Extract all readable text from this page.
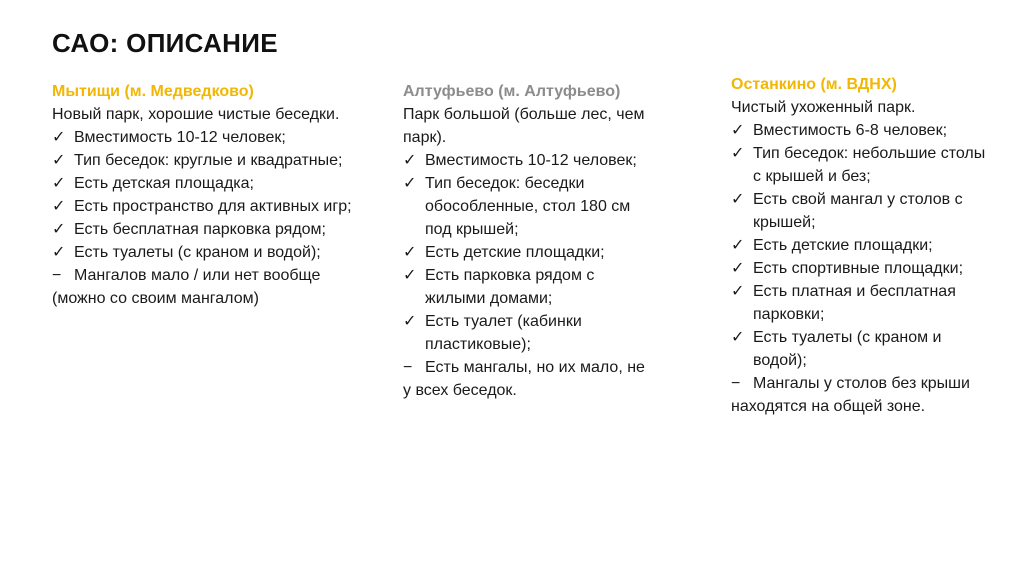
САО: ОПИСАНИЕ
Мытищи (м. Медведково)

Новый парк, хорошие чистые беседки.

✓ Вместимость 10-12 человек;
✓ Тип беседок: круглые и квадратные;
✓ Есть детская площадка;
✓ Есть пространство для активных игр;
✓ Есть бесплатная парковка рядом;
✓ Есть туалеты (с краном и водой);

− Мангалов мало / или нет вообще (можно со своим мангалом)

Алтуфьево (м. Алтуфьево)

Парк большой (больше лес, чем парк).

✓ Вместимость 10-12 человек;
✓ Тип беседок: беседки обособленные, стол 180 см под крышей;
✓ Есть детские площадки;
✓ Есть парковка рядом с жилыми домами;
✓ Есть туалет (кабинки пластиковые);

− Есть мангалы, но их мало, не у всех беседок.

Останкино (м. ВДНХ)

Чистый ухоженный парк.

✓ Вместимость 6-8 человек;
✓ Тип беседок: небольшие столы с крышей и без;
✓ Есть свой мангал у столов с крышей;
✓ Есть детские площадки;
✓ Есть спортивные площадки;
✓ Есть платная и бесплатная парковки;
✓ Есть туалеты (с краном и водой);

− Мангалы у столов без крыши находятся на общей зоне.
